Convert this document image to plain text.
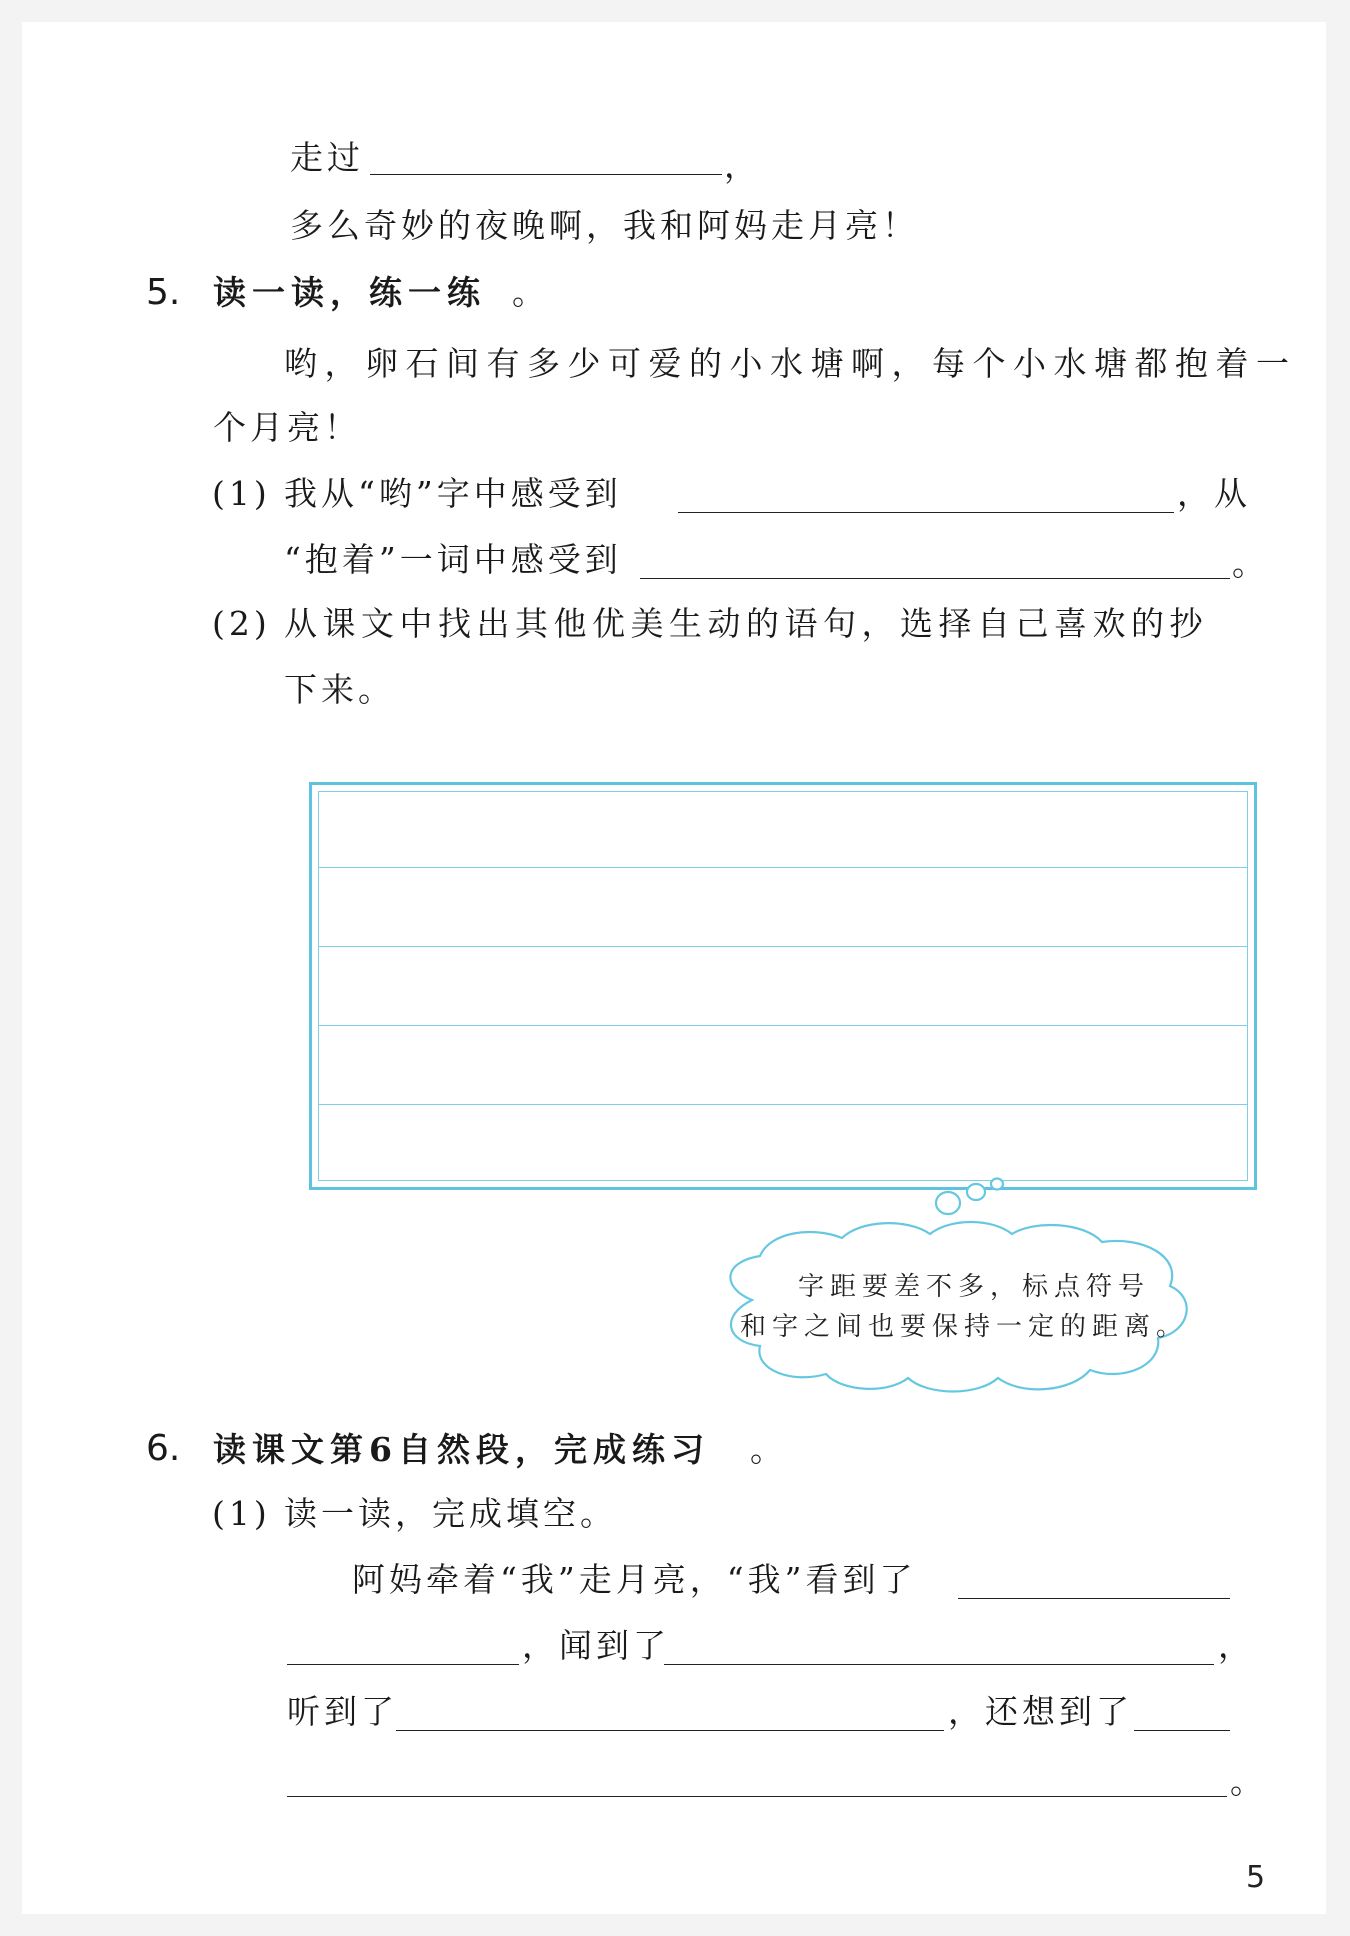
走过	，
多么奇妙的夜晚啊，我和阿妈走月亮！
5. 读一读，练一练 。
哟，卵石间有多少可爱的小水塘啊，每个小水塘都抱着一
个月亮！
(1) 我从“哟”字中感受到	，从
“抱着”一词中感受到	。
(2) 从课文中找出其他优美生动的语句，选择自己喜欢的抄
下来。
字距要差不多，标点符号
和字之间也要保持一定的距离。
6. 读课文第6自然段，完成练习 。
(1) 读一读，完成填空。
阿妈牵着“我”走月亮，“我”看到了
，闻到了	，
听到了	，还想到了
。
5
